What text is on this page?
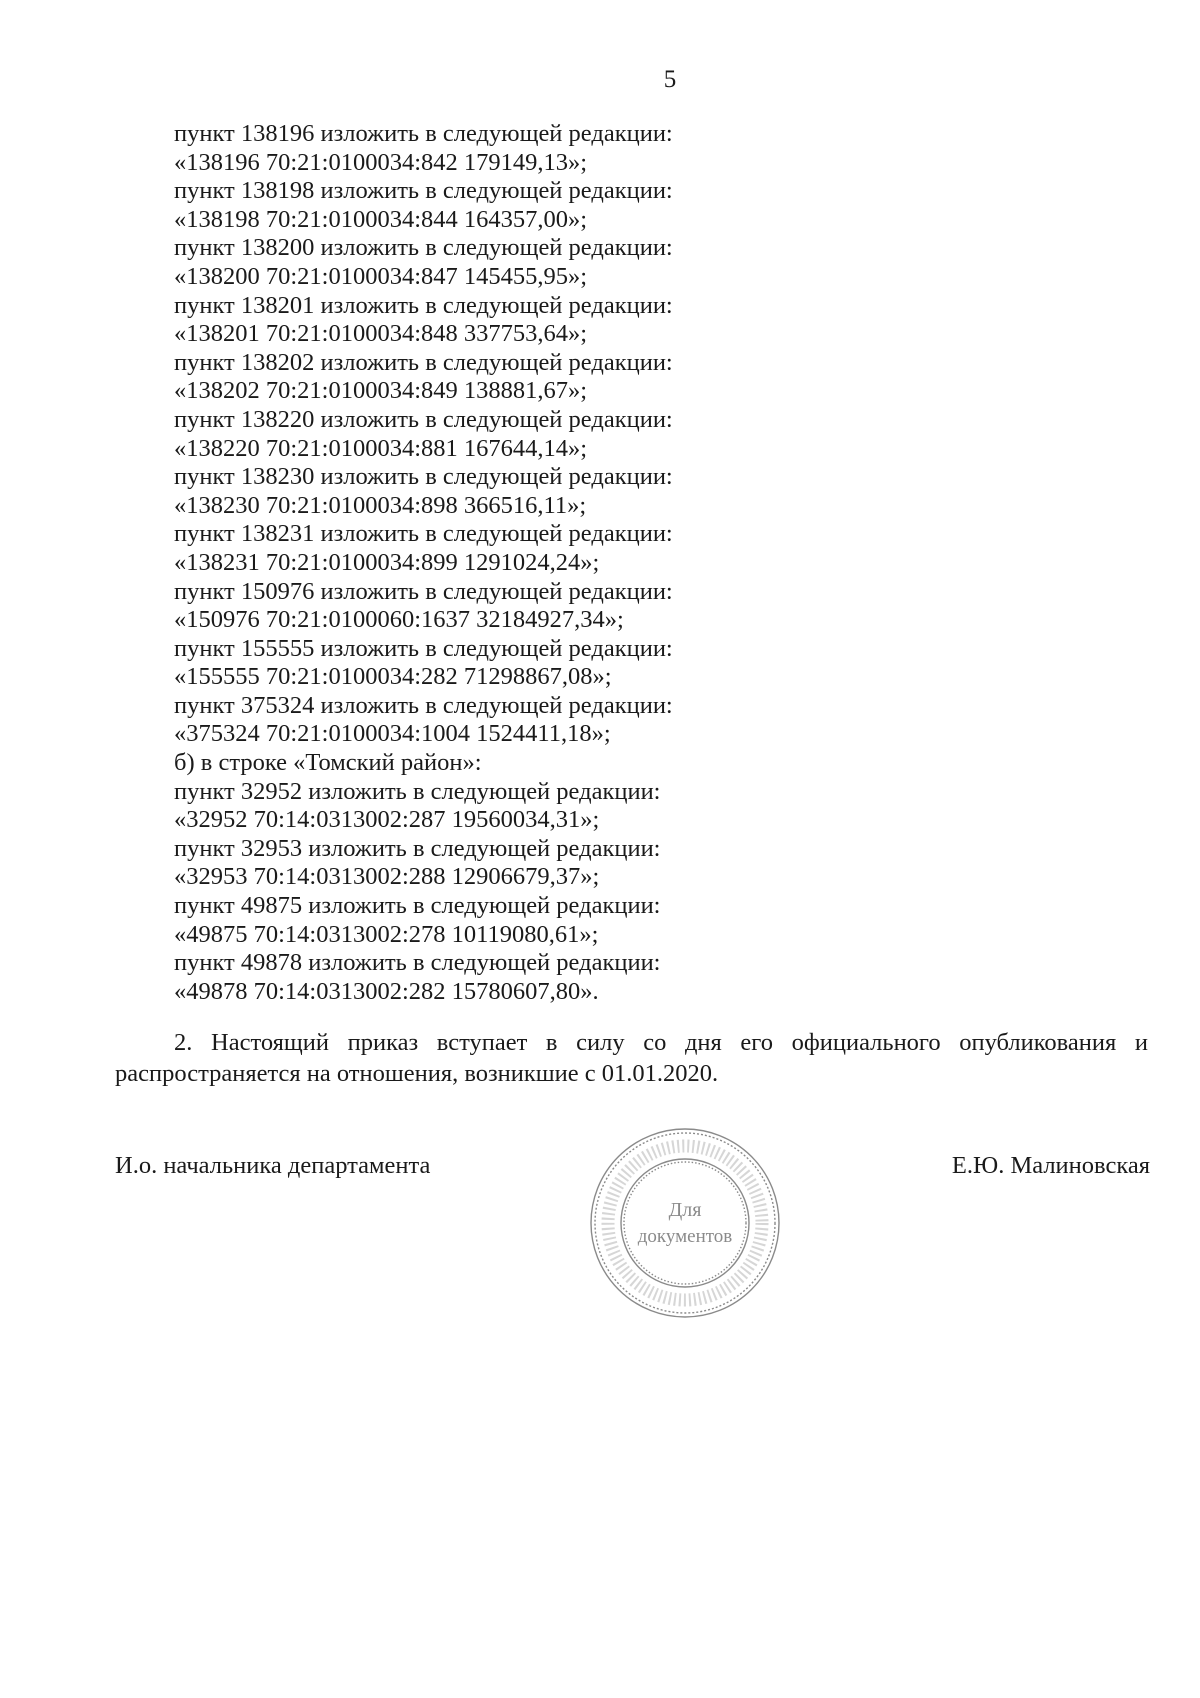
5
пункт 138196 изложить в следующей редакции:
«138196 70:21:0100034:842 179149,13»;
пункт 138198 изложить в следующей редакции:
«138198 70:21:0100034:844 164357,00»;
пункт 138200 изложить в следующей редакции:
«138200 70:21:0100034:847 145455,95»;
пункт 138201 изложить в следующей редакции:
«138201 70:21:0100034:848 337753,64»;
пункт 138202 изложить в следующей редакции:
«138202 70:21:0100034:849 138881,67»;
пункт 138220 изложить в следующей редакции:
«138220 70:21:0100034:881 167644,14»;
пункт 138230 изложить в следующей редакции:
«138230 70:21:0100034:898 366516,11»;
пункт 138231 изложить в следующей редакции:
«138231 70:21:0100034:899 1291024,24»;
пункт 150976 изложить в следующей редакции:
«150976 70:21:0100060:1637 32184927,34»;
пункт 155555 изложить в следующей редакции:
«155555 70:21:0100034:282 71298867,08»;
пункт 375324 изложить в следующей редакции:
«375324 70:21:0100034:1004 1524411,18»;
б) в строке «Томский район»:
пункт 32952 изложить в следующей редакции:
«32952 70:14:0313002:287 19560034,31»;
пункт 32953 изложить в следующей редакции:
«32953 70:14:0313002:288 12906679,37»;
пункт 49875 изложить в следующей редакции:
«49875 70:14:0313002:278 10119080,61»;
пункт 49878 изложить в следующей редакции:
«49878 70:14:0313002:282 15780607,80».
2. Настоящий приказ вступает в силу со дня его официального опубликования и
распространяется на отношения, возникшие с 01.01.2020.
И.о. начальника департамента
Для
документов
Е.Ю. Малиновская
